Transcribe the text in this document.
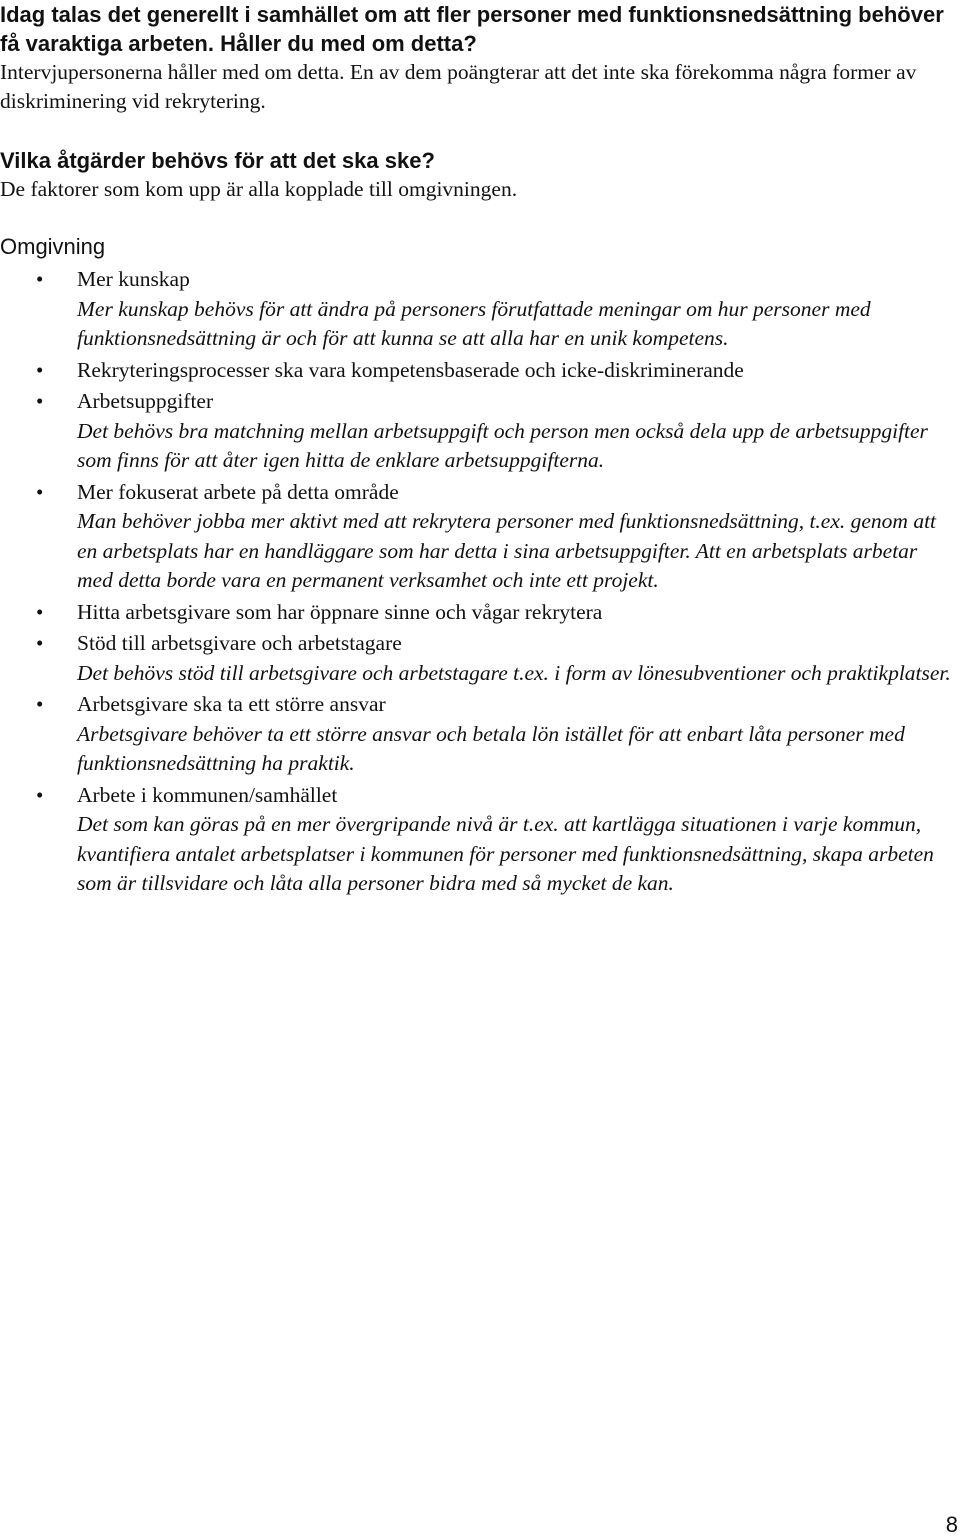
Idag talas det generellt i samhället om att fler personer med funktionsnedsättning behöver få varaktiga arbeten. Håller du med om detta?

Intervjupersonerna håller med om detta. En av dem poängterar att det inte ska förekomma några former av diskriminering vid rekrytering.

Vilka åtgärder behövs för att det ska ske?

De faktorer som kom upp är alla kopplade till omgivningen.

Omgivning

• Mer kunskap
Mer kunskap behövs för att ändra på personers förutfattade meningar om hur personer med funktionsnedsättning är och för att kunna se att alla har en unik kompetens.
• Rekryteringsprocesser ska vara kompetensbaserade och icke-diskriminerande
• Arbetsuppgifter
Det behövs bra matchning mellan arbetsuppgift och person men också dela upp de arbetsuppgifter som finns för att åter igen hitta de enklare arbetsuppgifterna.
• Mer fokuserat arbete på detta område
Man behöver jobba mer aktivt med att rekrytera personer med funktionsnedsättning, t.ex. genom att en arbetsplats har en handläggare som har detta i sina arbetsuppgifter. Att en arbetsplats arbetar med detta borde vara en permanent verksamhet och inte ett projekt.
• Hitta arbetsgivare som har öppnare sinne och vågar rekrytera
• Stöd till arbetsgivare och arbetstagare
Det behövs stöd till arbetsgivare och arbetstagare t.ex. i form av lönesubventioner och praktikplatser.
• Arbetsgivare ska ta ett större ansvar
Arbetsgivare behöver ta ett större ansvar och betala lön istället för att enbart låta personer med funktionsnedsättning ha praktik.
• Arbete i kommunen/samhället
Det som kan göras på en mer övergripande nivå är t.ex. att kartlägga situationen i varje kommun, kvantifiera antalet arbetsplatser i kommunen för personer med funktionsnedsättning, skapa arbeten som är tillsvidare och låta alla personer bidra med så mycket de kan.
8
